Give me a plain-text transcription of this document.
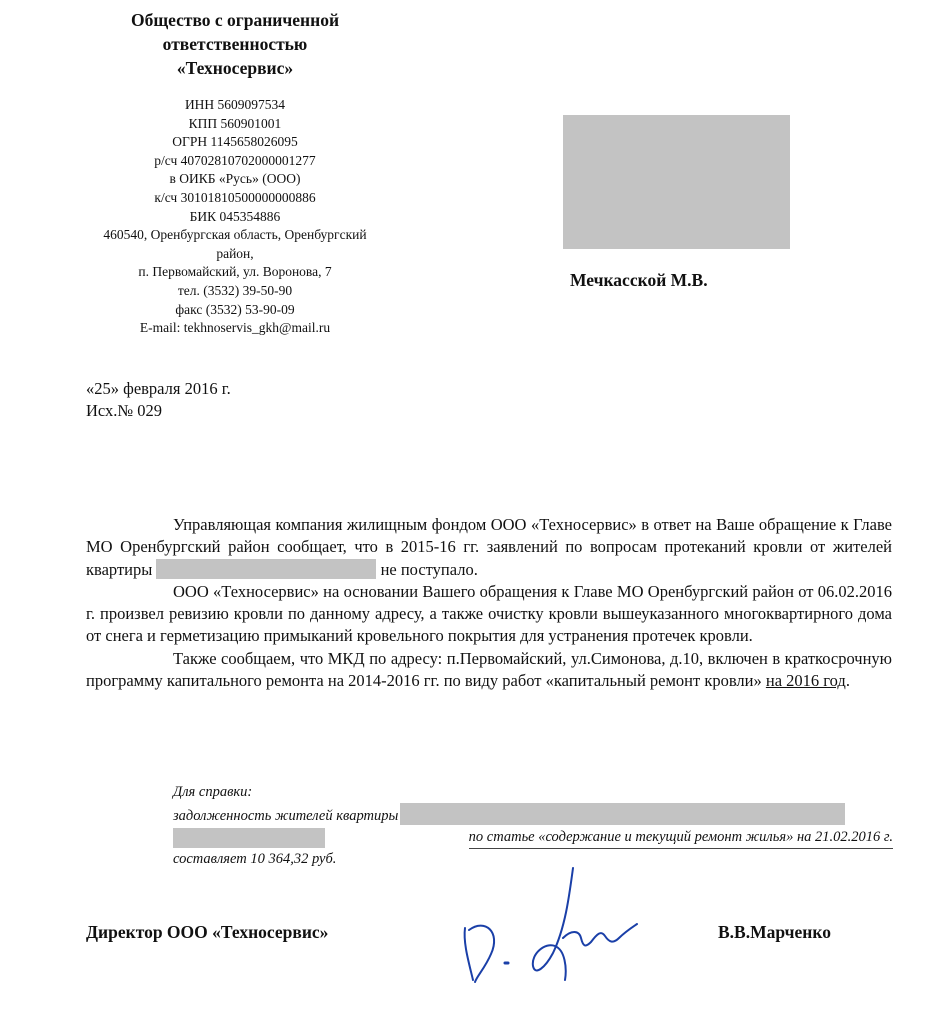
Общество с ограниченной
ответственностью
«Техносервис»
ИНН 5609097534
КПП 560901001
ОГРН 1145658026095
р/сч 40702810702000001277
в ОИКБ «Русь» (ООО)
к/сч 30101810500000000886
БИК 045354886
460540, Оренбургская область, Оренбургский
район,
п. Первомайский, ул. Воронова, 7
тел. (3532) 39-50-90
факс (3532) 53-90-09
E-mail: tekhnoservis_gkh@mail.ru
Мечкасской М.В.
«25» февраля 2016 г.
Исх.№ 029

Управляющая компания жилищным фондом ООО «Техносервис» в ответ на Ваше обращение к Главе МО Оренбургский район сообщает, что в 2015-16 гг. заявлений по вопросам протеканий кровли от жителей квартиры	не поступало.

ООО «Техносервис» на основании Вашего обращения к Главе МО Оренбургский район от 06.02.2016 г. произвел ревизию кровли по данному адресу, а также очистку кровли вышеуказанного многоквартирного дома от снега и герметизацию примыканий кровельного покрытия для устранения протечек кровли.

Также сообщаем, что МКД по адресу: п.Первомайский, ул.Симонова, д.10, включен в краткосрочную программу капитального ремонта на 2014-2016 гг. по виду работ «капитальный ремонт кровли» на 2016 год.

Для справки:
задолженность жителей квартиры
по статье «содержание и текущий ремонт жилья» на 21.02.2016 г.
составляет 10 364,32 руб.
Директор ООО «Техносервис»	В.В.Марченко
